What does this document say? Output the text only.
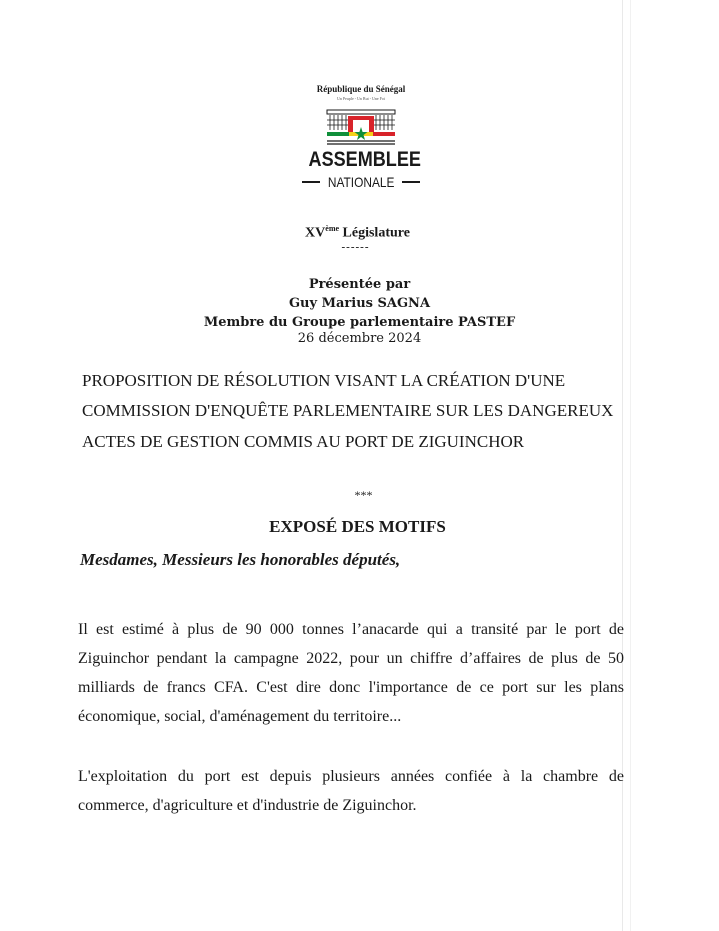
République du Sénégal
Un Peuple - Un But - Une Foi
ASSEMBLEE
NATIONALE
XVème Législature
------
Présentée par
Guy Marius SAGNA
Membre du Groupe parlementaire PASTEF
26 décembre 2024
PROPOSITION DE RÉSOLUTION VISANT LA CRÉATION D'UNE
COMMISSION D'ENQUÊTE PARLEMENTAIRE SUR LES DANGEREUX
ACTES DE GESTION COMMIS AU PORT DE ZIGUINCHOR
***
EXPOSÉ DES MOTIFS
Mesdames, Messieurs les honorables députés,
Il est estimé à plus de 90 000 tonnes l’anacarde qui a transité par le port de
Ziguinchor pendant la campagne 2022, pour un chiffre d’affaires de plus de 50
milliards de francs CFA. C'est dire donc l'importance de ce port sur les plans
économique, social, d'aménagement du territoire...
L'exploitation du port est depuis plusieurs années confiée à la chambre de
commerce, d'agriculture et d'industrie de Ziguinchor.
